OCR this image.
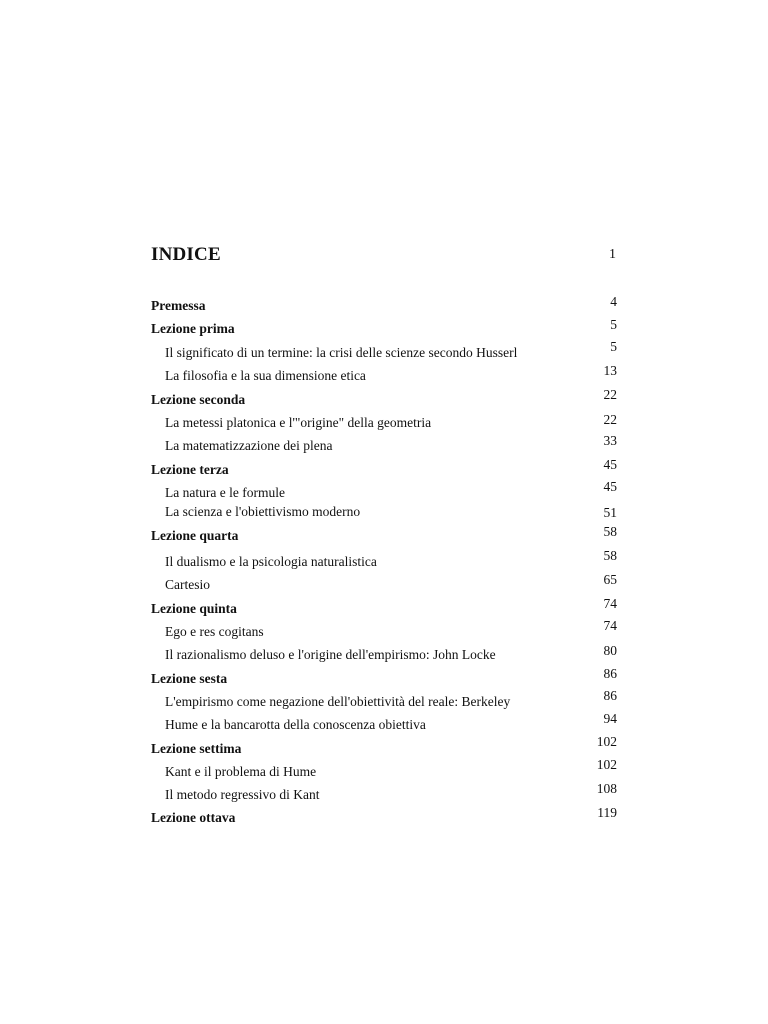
INDICE	1
Premessa	4
Lezione prima	5
Il significato di un termine: la crisi delle scienze secondo Husserl	5
La filosofia e la sua dimensione etica	13
Lezione seconda	22
La metessi platonica e l'"origine" della geometria	22
La matematizzazione dei plena	33
Lezione terza	45
La natura e le formule	45
La scienza e l'obiettivismo moderno	51
Lezione quarta	58
Il dualismo e la psicologia naturalistica	58
Cartesio	65
Lezione quinta	74
Ego e res cogitans	74
Il razionalismo deluso e l'origine dell'empirismo: John Locke	80
Lezione sesta	86
L'empirismo come negazione dell'obiettività del reale: Berkeley	86
Hume e la bancarotta della conoscenza obiettiva	94
Lezione settima	102
Kant e il problema di Hume	102
Il metodo regressivo di Kant	108
Lezione ottava	119
